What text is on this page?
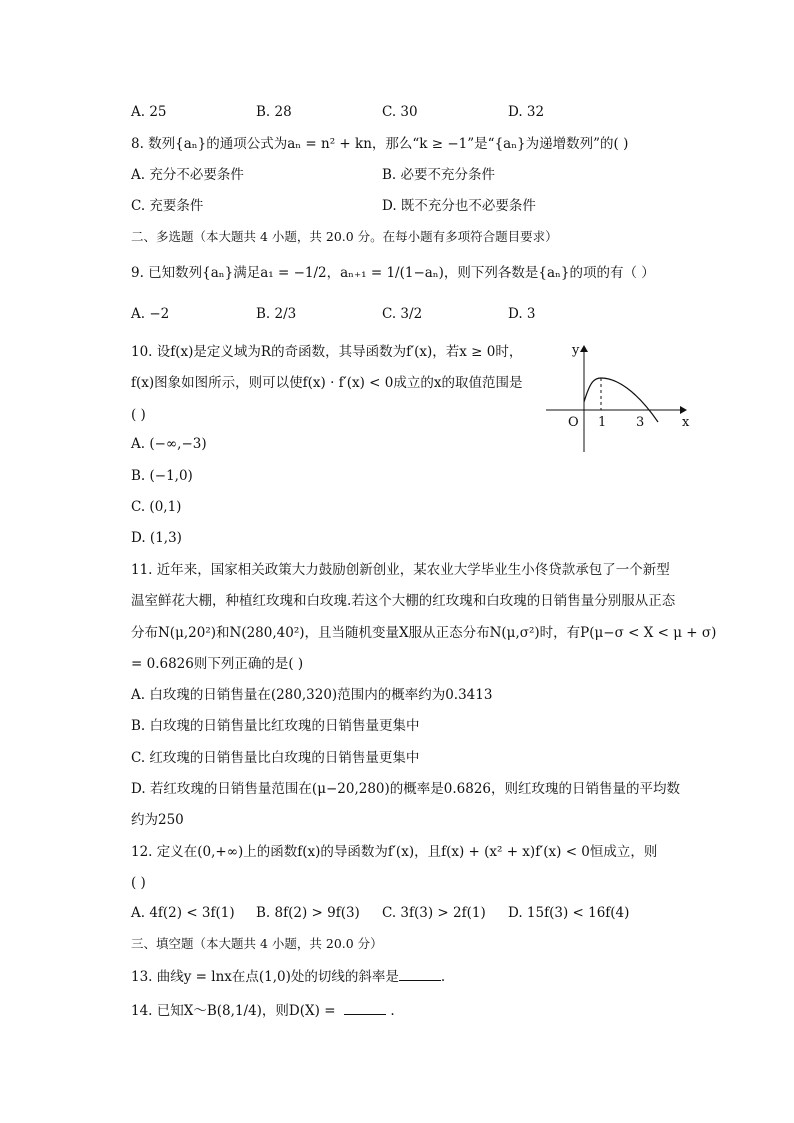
A. 25	B. 28	C. 30	D. 32
8. 数列{aₙ}的通项公式为aₙ = n² + kn，那么“k ≥ −1”是“{aₙ}为递增数列”的( )
A. 充分不必要条件	B. 必要不充分条件
C. 充要条件	D. 既不充分也不必要条件
二、多选题（本大题共 4 小题，共 20.0 分。在每小题有多项符合题目要求）
9. 已知数列{aₙ}满足a₁ = −1/2，aₙ₊₁ = 1/(1−aₙ)，则下列各数是{aₙ}的项的有（ ）
A. −2	B. 2/3	C. 3/2	D. 3
10. 设f(x)是定义域为R的奇函数，其导函数为f′(x)，若x ≥ 0时，
f(x)图象如图所示，则可以使f(x) · f′(x) < 0成立的x的取值范围是
( )
A. (−∞,−3)
B. (−1,0)
C. (0,1)
D. (1,3)
y
x
O 1 3
11. 近年来，国家相关政策大力鼓励创新创业，某农业大学毕业生小佟贷款承包了一个新型
温室鲜花大棚，种植红玫瑰和白玫瑰.若这个大棚的红玫瑰和白玫瑰的日销售量分别服从正态
分布N(μ,20²)和N(280,40²)，且当随机变量X服从正态分布N(μ,σ²)时，有P(μ−σ < X < μ + σ)
= 0.6826则下列正确的是( )
A. 白玫瑰的日销售量在(280,320)范围内的概率约为0.3413
B. 白玫瑰的日销售量比红玫瑰的日销售量更集中
C. 红玫瑰的日销售量比白玫瑰的日销售量更集中
D. 若红玫瑰的日销售量范围在(μ−20,280)的概率是0.6826，则红玫瑰的日销售量的平均数
约为250
12. 定义在(0,+∞)上的函数f(x)的导函数为f′(x)，且f(x) + (x² + x)f′(x) < 0恒成立，则
( )
A. 4f(2) < 3f(1) B. 8f(2) > 9f(3) C. 3f(3) > 2f(1) D. 15f(3) < 16f(4)
三、填空题（本大题共 4 小题，共 20.0 分）
13. 曲线y = lnx在点(1,0)处的切线的斜率是	.
14. 已知X～B(8,1/4)，则D(X) =	.
